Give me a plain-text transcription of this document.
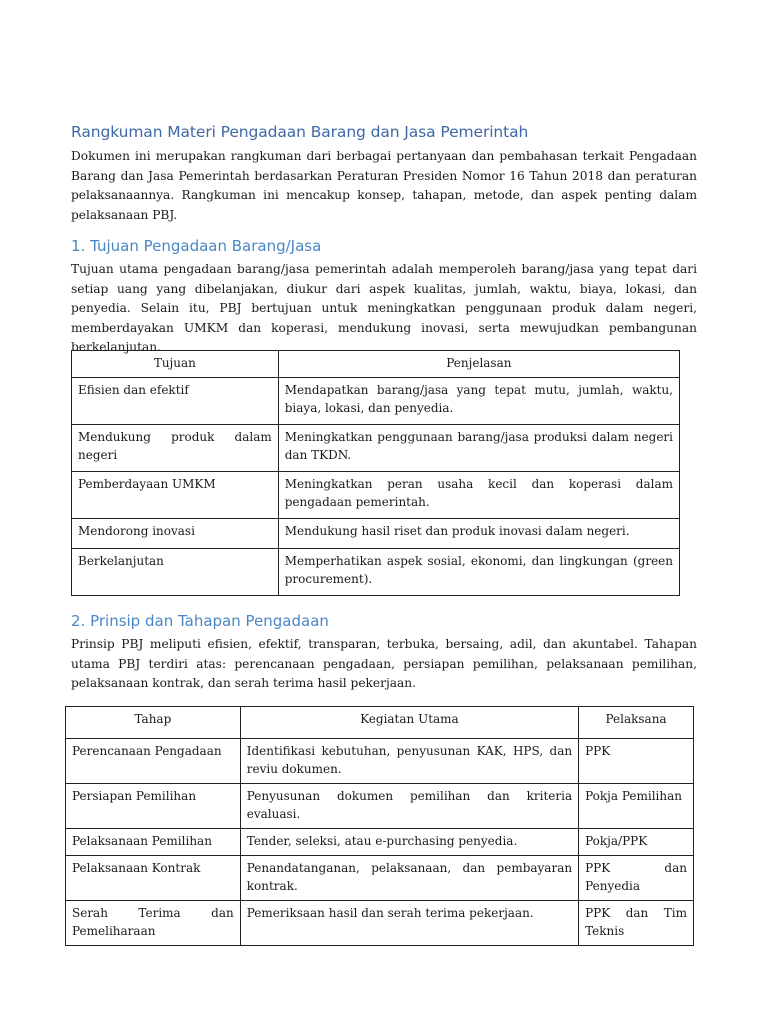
Rangkuman Materi Pengadaan Barang dan Jasa Pemerintah

Dokumen ini merupakan rangkuman dari berbagai pertanyaan dan pembahasan terkait Pengadaan Barang dan Jasa Pemerintah berdasarkan Peraturan Presiden Nomor 16 Tahun 2018 dan peraturan pelaksanaannya. Rangkuman ini mencakup konsep, tahapan, metode, dan aspek penting dalam pelaksanaan PBJ.

1. Tujuan Pengadaan Barang/Jasa

Tujuan utama pengadaan barang/jasa pemerintah adalah memperoleh barang/jasa yang tepat dari setiap uang yang dibelanjakan, diukur dari aspek kualitas, jumlah, waktu, biaya, lokasi, dan penyedia. Selain itu, PBJ bertujuan untuk meningkatkan penggunaan produk dalam negeri, memberdayakan UMKM dan koperasi, mendukung inovasi, serta mewujudkan pembangunan berkelanjutan.

Tujuan	Penjelasan
Efisien dan efektif	Mendapatkan barang/jasa yang tepat mutu, jumlah, waktu, biaya, lokasi, dan penyedia.
Mendukung produk dalam negeri	Meningkatkan penggunaan barang/jasa produksi dalam negeri dan TKDN.
Pemberdayaan UMKM	Meningkatkan peran usaha kecil dan koperasi dalam pengadaan pemerintah.
Mendorong inovasi	Mendukung hasil riset dan produk inovasi dalam negeri.
Berkelanjutan	Memperhatikan aspek sosial, ekonomi, dan lingkungan (green procurement).
2. Prinsip dan Tahapan Pengadaan

Prinsip PBJ meliputi efisien, efektif, transparan, terbuka, bersaing, adil, dan akuntabel. Tahapan utama PBJ terdiri atas: perencanaan pengadaan, persiapan pemilihan, pelaksanaan pemilihan, pelaksanaan kontrak, dan serah terima hasil pekerjaan.

Tahap	Kegiatan Utama	Pelaksana
Perencanaan Pengadaan	Identifikasi kebutuhan, penyusunan KAK, HPS, dan reviu dokumen.	PPK
Persiapan Pemilihan	Penyusunan dokumen pemilihan dan kriteria evaluasi.	Pokja Pemilihan
Pelaksanaan Pemilihan	Tender, seleksi, atau e-purchasing penyedia.	Pokja/PPK
Pelaksanaan Kontrak	Penandatanganan, pelaksanaan, dan pembayaran kontrak.	PPK dan Penyedia
Serah Terima dan Pemeliharaan	Pemeriksaan hasil dan serah terima pekerjaan.	PPK dan Tim Teknis
